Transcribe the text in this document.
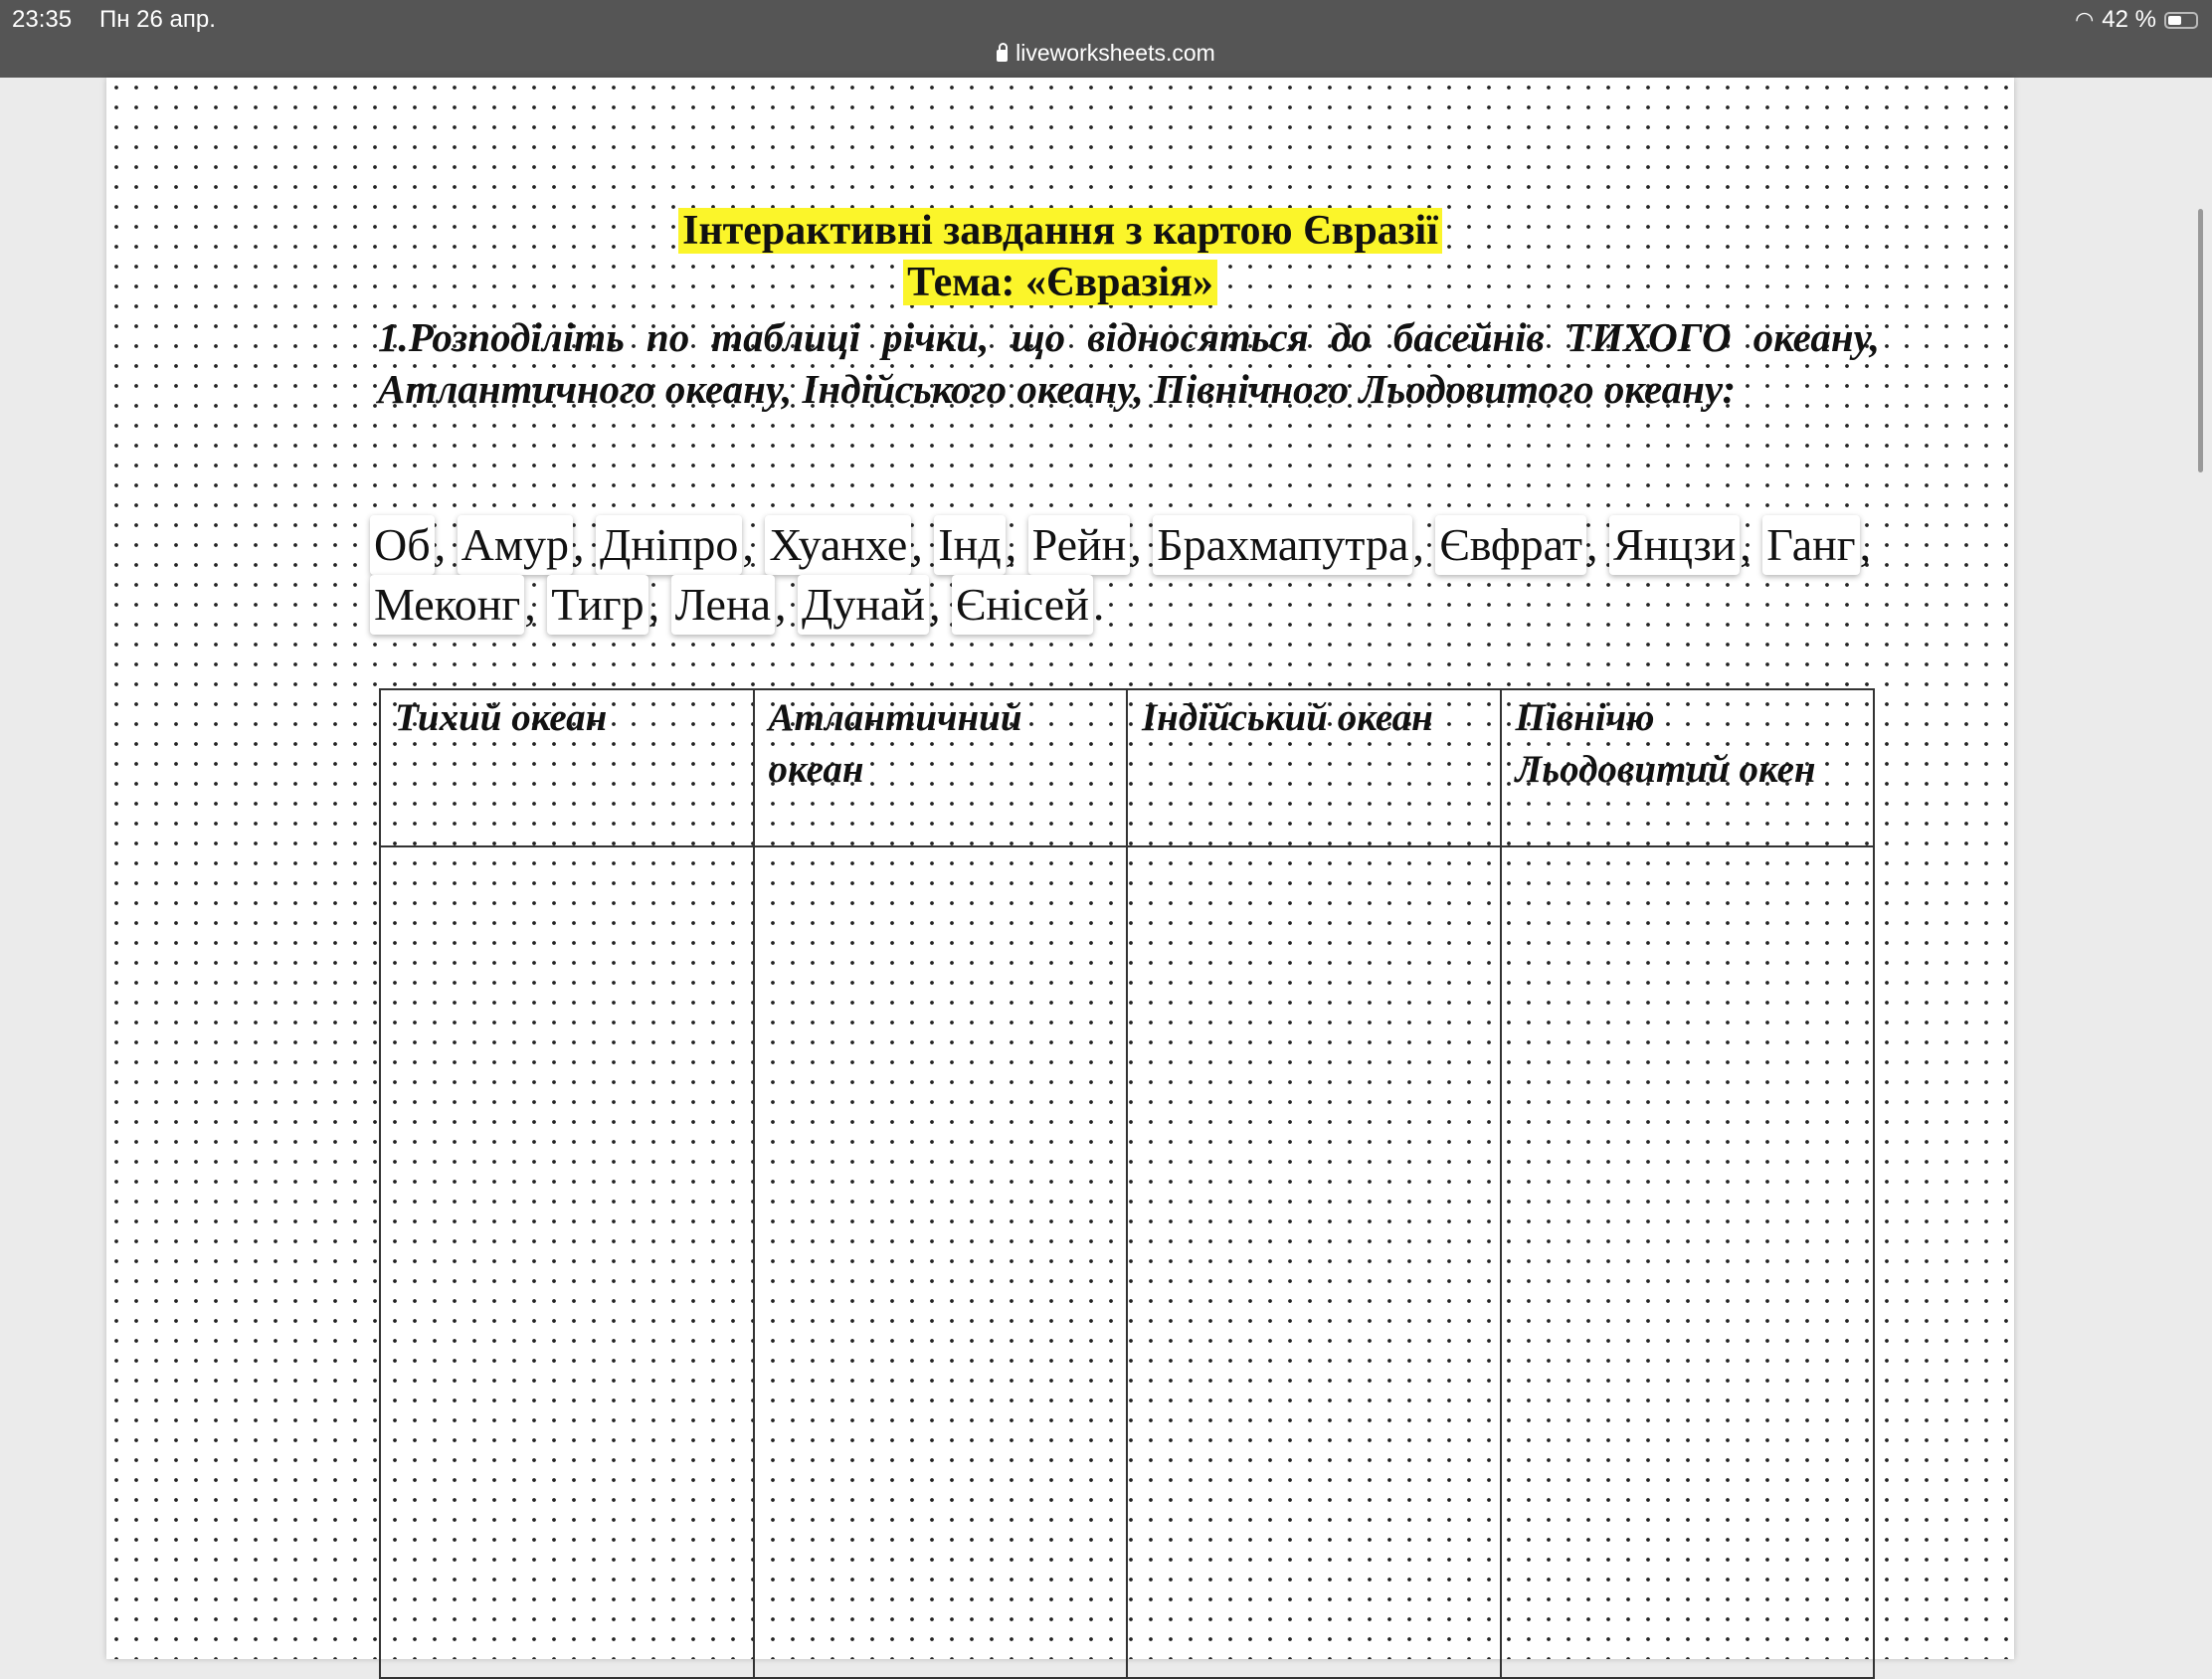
23:35 Пн 26 апр.
liveworksheets.com
◠ 42 %
Інтерактивні завдання з картою Євразії
Тема: «Євразія»
1.Розподіліть по таблиці річки, що відносяться до басейнів ТИХОГО океану, Атлантичного океану, Індійського океану, Північного Льодовитого океану:
Об, Амур, Дніпро, Хуанхе, Інд, Рейн, Брахмапутра, Євфрат, Янцзи, Ганг, Меконг, Тигр, Лена, Дунай, Єнісей.
Тихий океан	Атлантичний океан	Індійський океан	Північю Льодовитий окен
